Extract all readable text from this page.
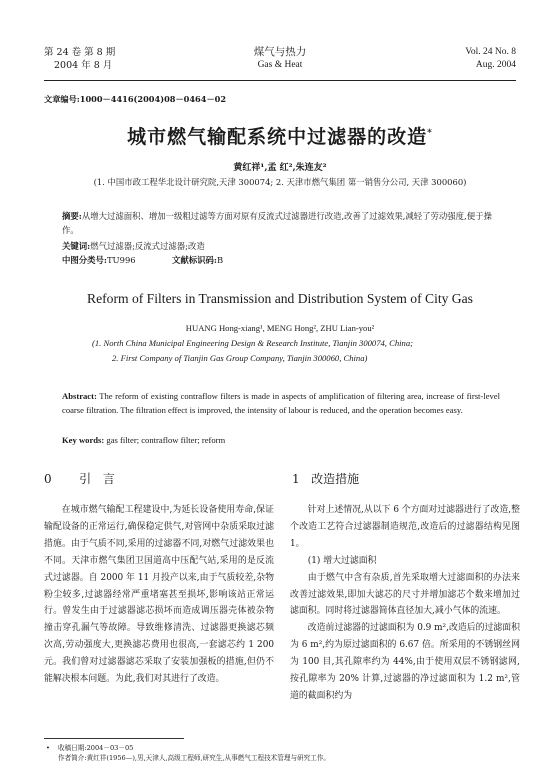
第 24 卷 第 8 期
2004 年 8 月
煤气与热力
Gas & Heat
Vol. 24 No. 8
Aug. 2004
文章编号:1000－4416(2004)08－0464－02
城市燃气输配系统中过滤器的改造*
黄红祥¹,孟 红²,朱连友²
(1. 中国市政工程华北设计研究院,天津 300074; 2. 天津市燃气集团 第一销售分公司, 天津 300060)
摘要:从增大过滤面积、增加一级粗过滤等方面对原有反流式过滤器进行改造,改善了过滤效果,减轻了劳动强度,便于操作。
关键词:燃气过滤器;反流式过滤器;改造
中图分类号:TU996	文献标识码:B
Reform of Filters in Transmission and Distribution System of City Gas
HUANG Hong-xiang¹, MENG Hong², ZHU Lian-you²
(1. North China Municipal Engineering Design & Research Institute, Tianjin 300074, China;
2. First Company of Tianjin Gas Group Company, Tianjin 300060, China)
Abstract: The reform of existing contraflow filters is made in aspects of amplification of filtering area, increase of first-level coarse filtration. The filtration effect is improved, the intensity of labour is reduced, and the operation becomes easy.
Key words: gas filter; contraflow filter; reform
0 引 言	1 改造措施

在城市燃气输配工程建设中,为延长设备使用寿命,保证输配设备的正常运行,确保稳定供气,对管网中杂质采取过滤措施。由于气质不同,采用的过滤器不同,对燃气过滤效果也不同。天津市燃气集团卫国道高中压配气站,采用的是反流式过滤器。自 2000 年 11 月投产以来,由于气质较差,杂物粉尘较多,过滤器经常严重堵塞甚至损坏,影响该站正常运行。曾发生由于过滤器滤芯损坏而造成调压器壳体被杂物撞击穿孔漏气等故障。导致维修清洗、过滤器更换滤芯频次高,劳动强度大,更换滤芯费用也很高,一套滤芯约 1 200 元。我们曾对过滤器滤芯采取了安装加强板的措施,但仍不能解决根本问题。为此,我们对其进行了改造。

针对上述情况,从以下 6 个方面对过滤器进行了改造,整个改造工艺符合过滤器制造规范,改造后的过滤器结构见图 1。

(1) 增大过滤面积

由于燃气中含有杂质,首先采取增大过滤面积的办法来改善过滤效果,即加大滤芯的尺寸并增加滤芯个数来增加过滤面积。同时将过滤器简体直径加大,减小气体的流速。

改造前过滤器的过滤面积为 0.9 m²,改造后的过滤面积为 6 m²,约为原过滤面积的 6.67 倍。所采用的不锈钢丝网为 100 目,其孔隙率约为 44%,由于使用双层不锈钢滤网,按孔隙率为 20% 计算,过滤器的净过滤面积为 1.2 m²,管道的截面积约为

• 收稿日期:2004－03－05
作者简介:黄红祥(1956—),男,天津人,高级工程师,研究生,从事燃气工程技术管理与研究工作。
